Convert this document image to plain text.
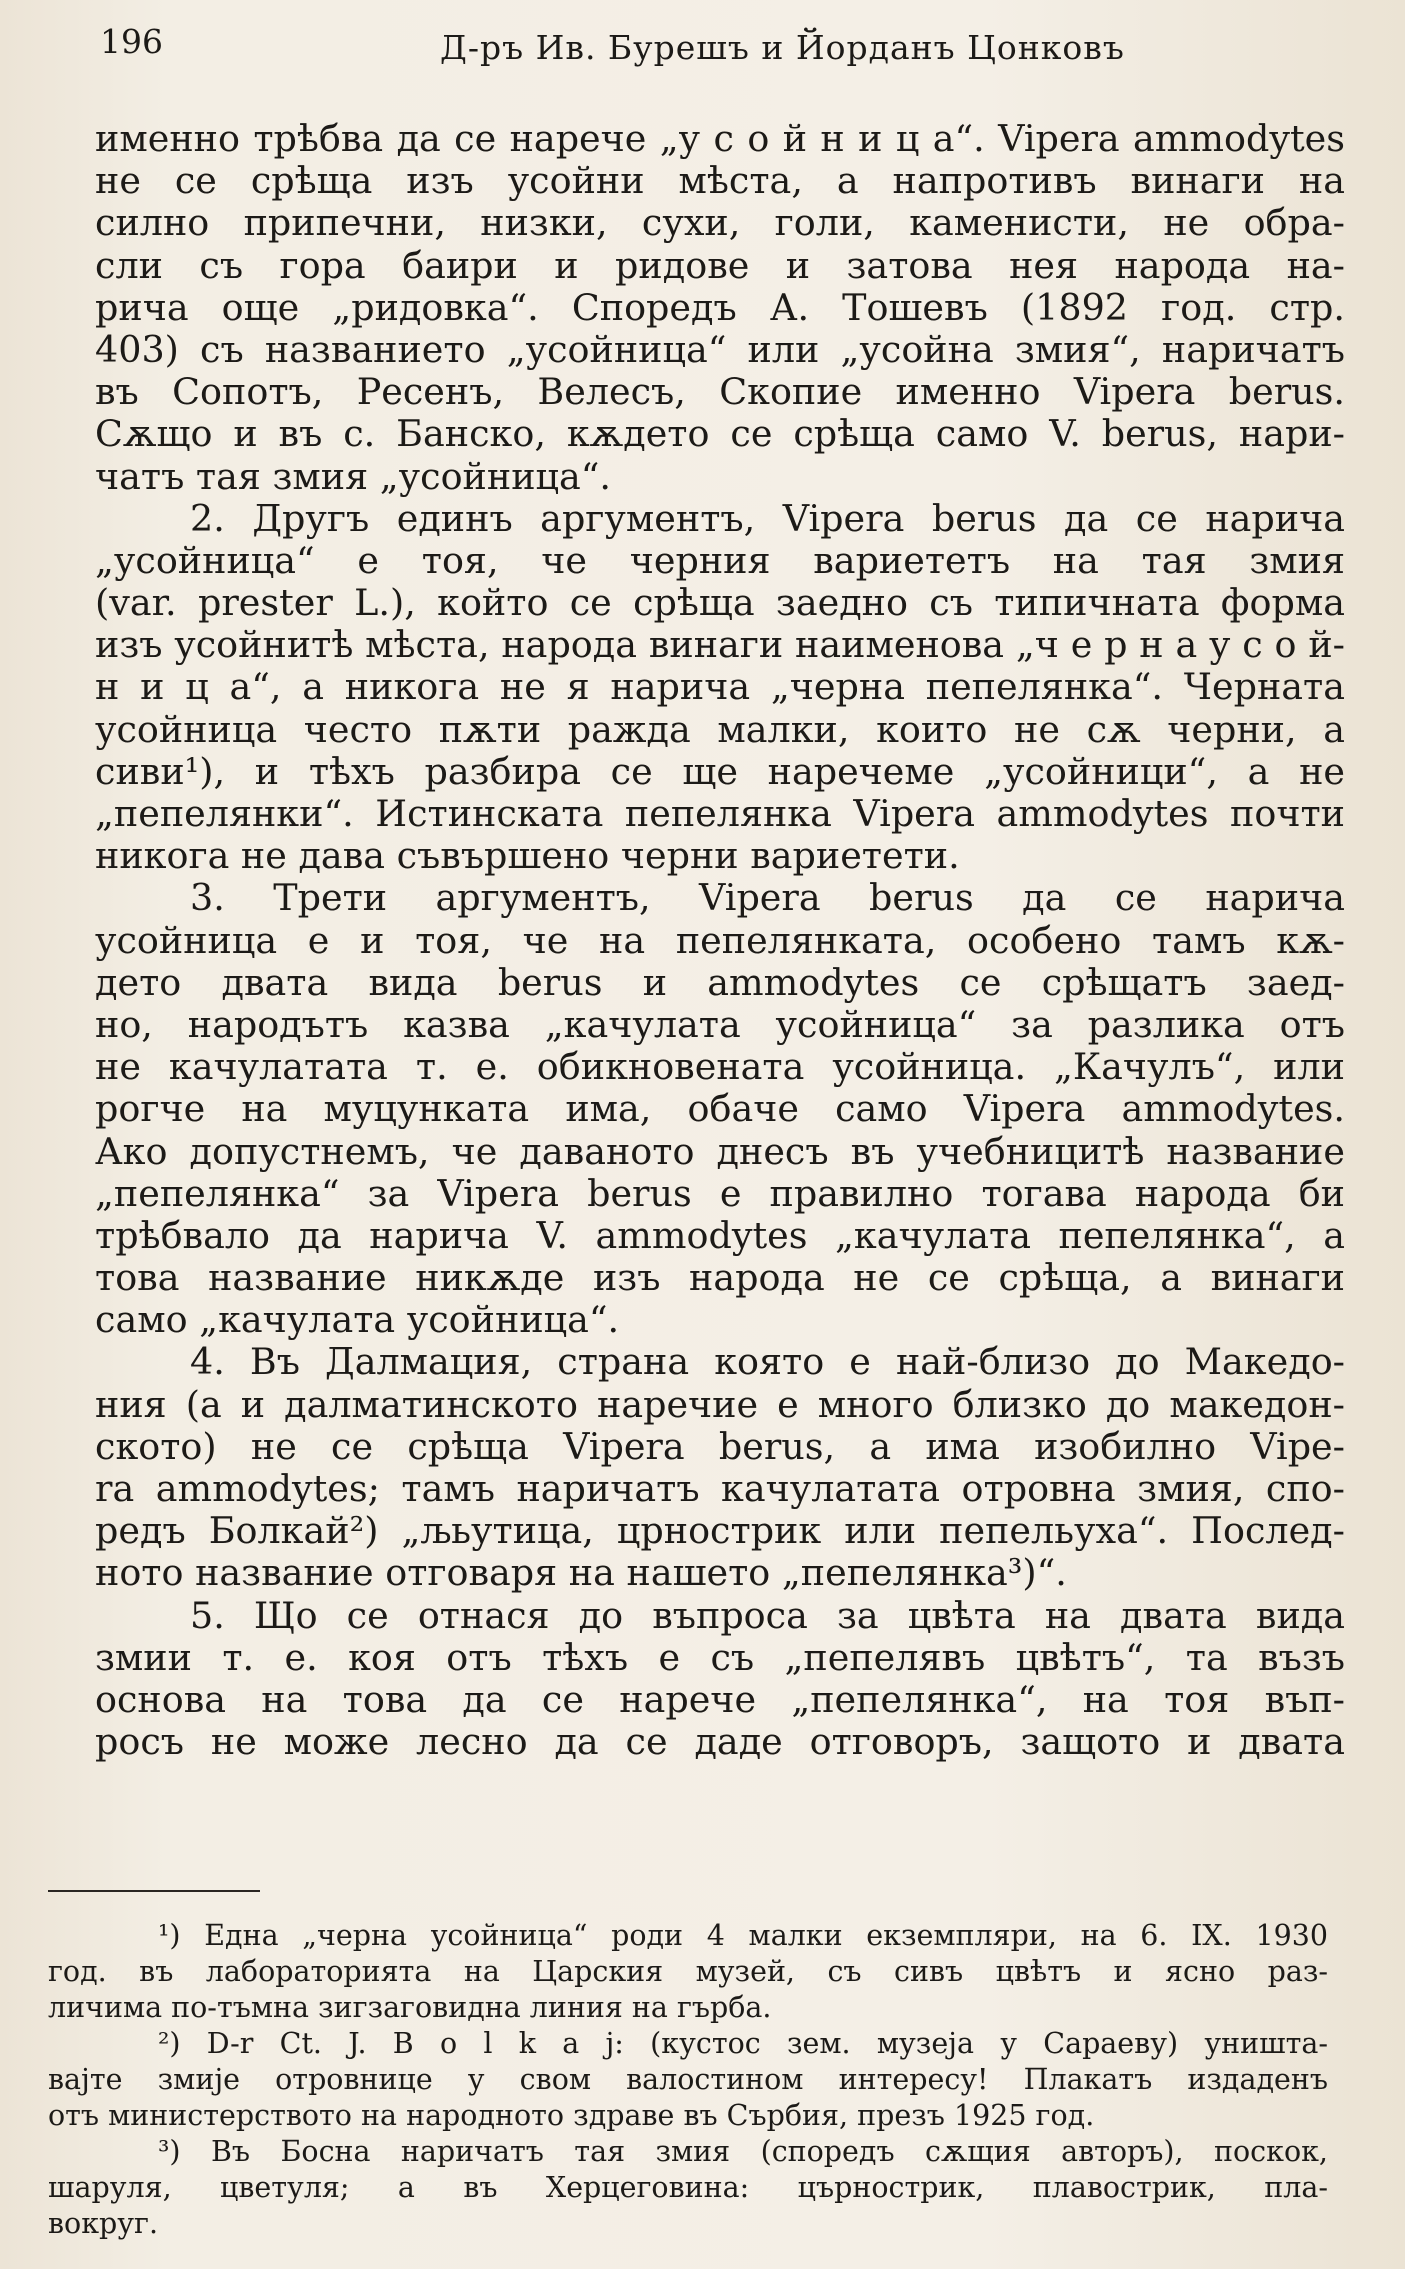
196	Д-ръ Ив. Бурешъ и Йорданъ Цонковъ
именно трѣбва да се нарече „у с о й н и ц а“. Vipera ammodytes
не се срѣща изъ усойни мѣста, а напротивъ винаги на
силно припечни, низки, сухи, голи, каменисти, не обра-
сли съ гора баири и ридове и затова нея народа на-
рича още „ридовка“. Споредъ А. Тошевъ (1892 год. стр.
403) съ названието „усойница“ или „усойна змия“, наричатъ
въ Сопотъ, Ресенъ, Велесъ, Скопие именно Vipera berus.
Сѫщо и въ с. Банско, кѫдето се срѣща само V. berus, нари-
чатъ тая змия „усойница“.
2. Другъ единъ аргументъ, Vipera berus да се нарича
„усойница“ е тоя, че черния вариететъ на тая змия
(var. prester L.), който се срѣща заедно съ типичната форма
изъ усойнитѣ мѣста, народа винаги наименова „ч е р н а у с о й-
н и ц а“, а никога не я нарича „черна пепелянка“. Черната
усойница често пѫти ражда малки, които не сѫ черни, а
сиви¹), и тѣхъ разбира се ще наречеме „усойници“, а не
„пепелянки“. Истинската пепелянка Vipera ammodytes почти
никога не дава съвършено черни вариетети.
3. Трети аргументъ, Vipera berus да се нарича
усойница е и тоя, че на пепелянката, особено тамъ кѫ-
дето двата вида berus и ammodytes се срѣщатъ заед-
но, народътъ казва „качулата усойница“ за разлика отъ
не качулатата т. е. обикновената усойница. „Качулъ“, или
рогче на муцунката има, обаче само Vipera ammodytes.
Ако допустнемъ, че даваното днесъ въ учебницитѣ название
„пепелянка“ за Vipera berus е правилно тогава народа би
трѣбвало да нарича V. ammodytes „качулата пепелянка“, а
това название никѫде изъ народа не се срѣща, а винаги
само „качулата усойница“.
4. Въ Далмация, страна която е най-близо до Македо-
ния (а и далматинското наречие е много близко до македон-
ското) не се срѣща Vipera berus, а има изобилно Vipe-
ra ammodytes; тамъ наричатъ качулатата отровна змия, спо-
редъ Болкай²) „љьутица, црнострик или пепельуха“. Послед-
ното название отговаря на нашето „пепелянка³)“.
5. Що се отнася до въпроса за цвѣта на двата вида
змии т. е. коя отъ тѣхъ е съ „пепелявъ цвѣтъ“, та възъ
основа на това да се нарече „пепелянка“, на тоя въп-
росъ не може лесно да се даде отговоръ, защото и двата
¹) Една „черна усойница“ роди 4 малки екземпляри, на 6. IX. 1930
год. въ лабораторията на Царския музей, съ сивъ цвѣтъ и ясно раз-
личима по-тъмна зигзаговидна линия на гърба.
²) D-r Ct. J. B o l k a j: (кустос зем. музеја у Сараеву) уништа-
вајте змије отровнице у свом валостином интересу! Плакатъ издаденъ
отъ министерството на народното здраве въ Сърбия, презъ 1925 год.
³) Въ Босна наричатъ тая змия (споредъ сѫщия авторъ), поскок,
шаруля, цветуля; а въ Херцеговина: църнострик, плавострик, пла-
вокруг.
